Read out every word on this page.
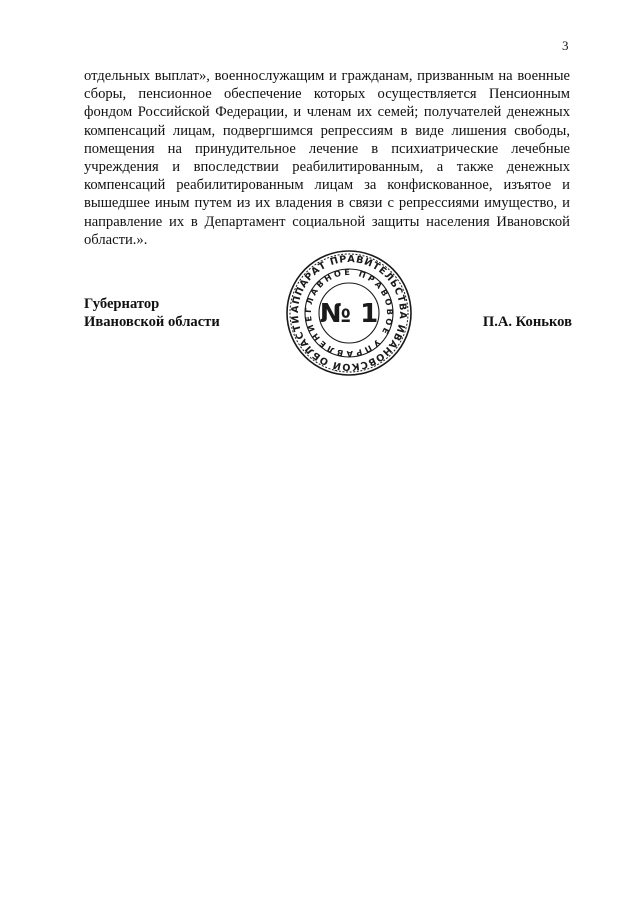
3

отдельных выплат», военнослужащим и гражданам, призванным на военные сборы, пенсионное обеспечение которых осуществляется Пенсионным фондом Российской Федерации, и членам их семей; получателей денежных компенсаций лицам, подвергшимся репрессиям в виде лишения свободы, помещения на принудительное лечение в психиатрические лечебные учреждения и впоследствии реабилитированным, а также денежных компенсаций реабилитированным лицам за конфискованное, изъятое и вышедшее иным путем из их владения в связи с репрессиями имущество, и направление их в Департамент социальной защиты населения Ивановской области.».

Губернатор
Ивановской области	П.А. Коньков
АППАРАТ ПРАВИТЕЛЬСТВА ИВАНОВСКОЙ ОБЛАСТИ
ГЛАВНОЕ ПРАВОВОЕ УПРАВЛЕНИЕ № 1
